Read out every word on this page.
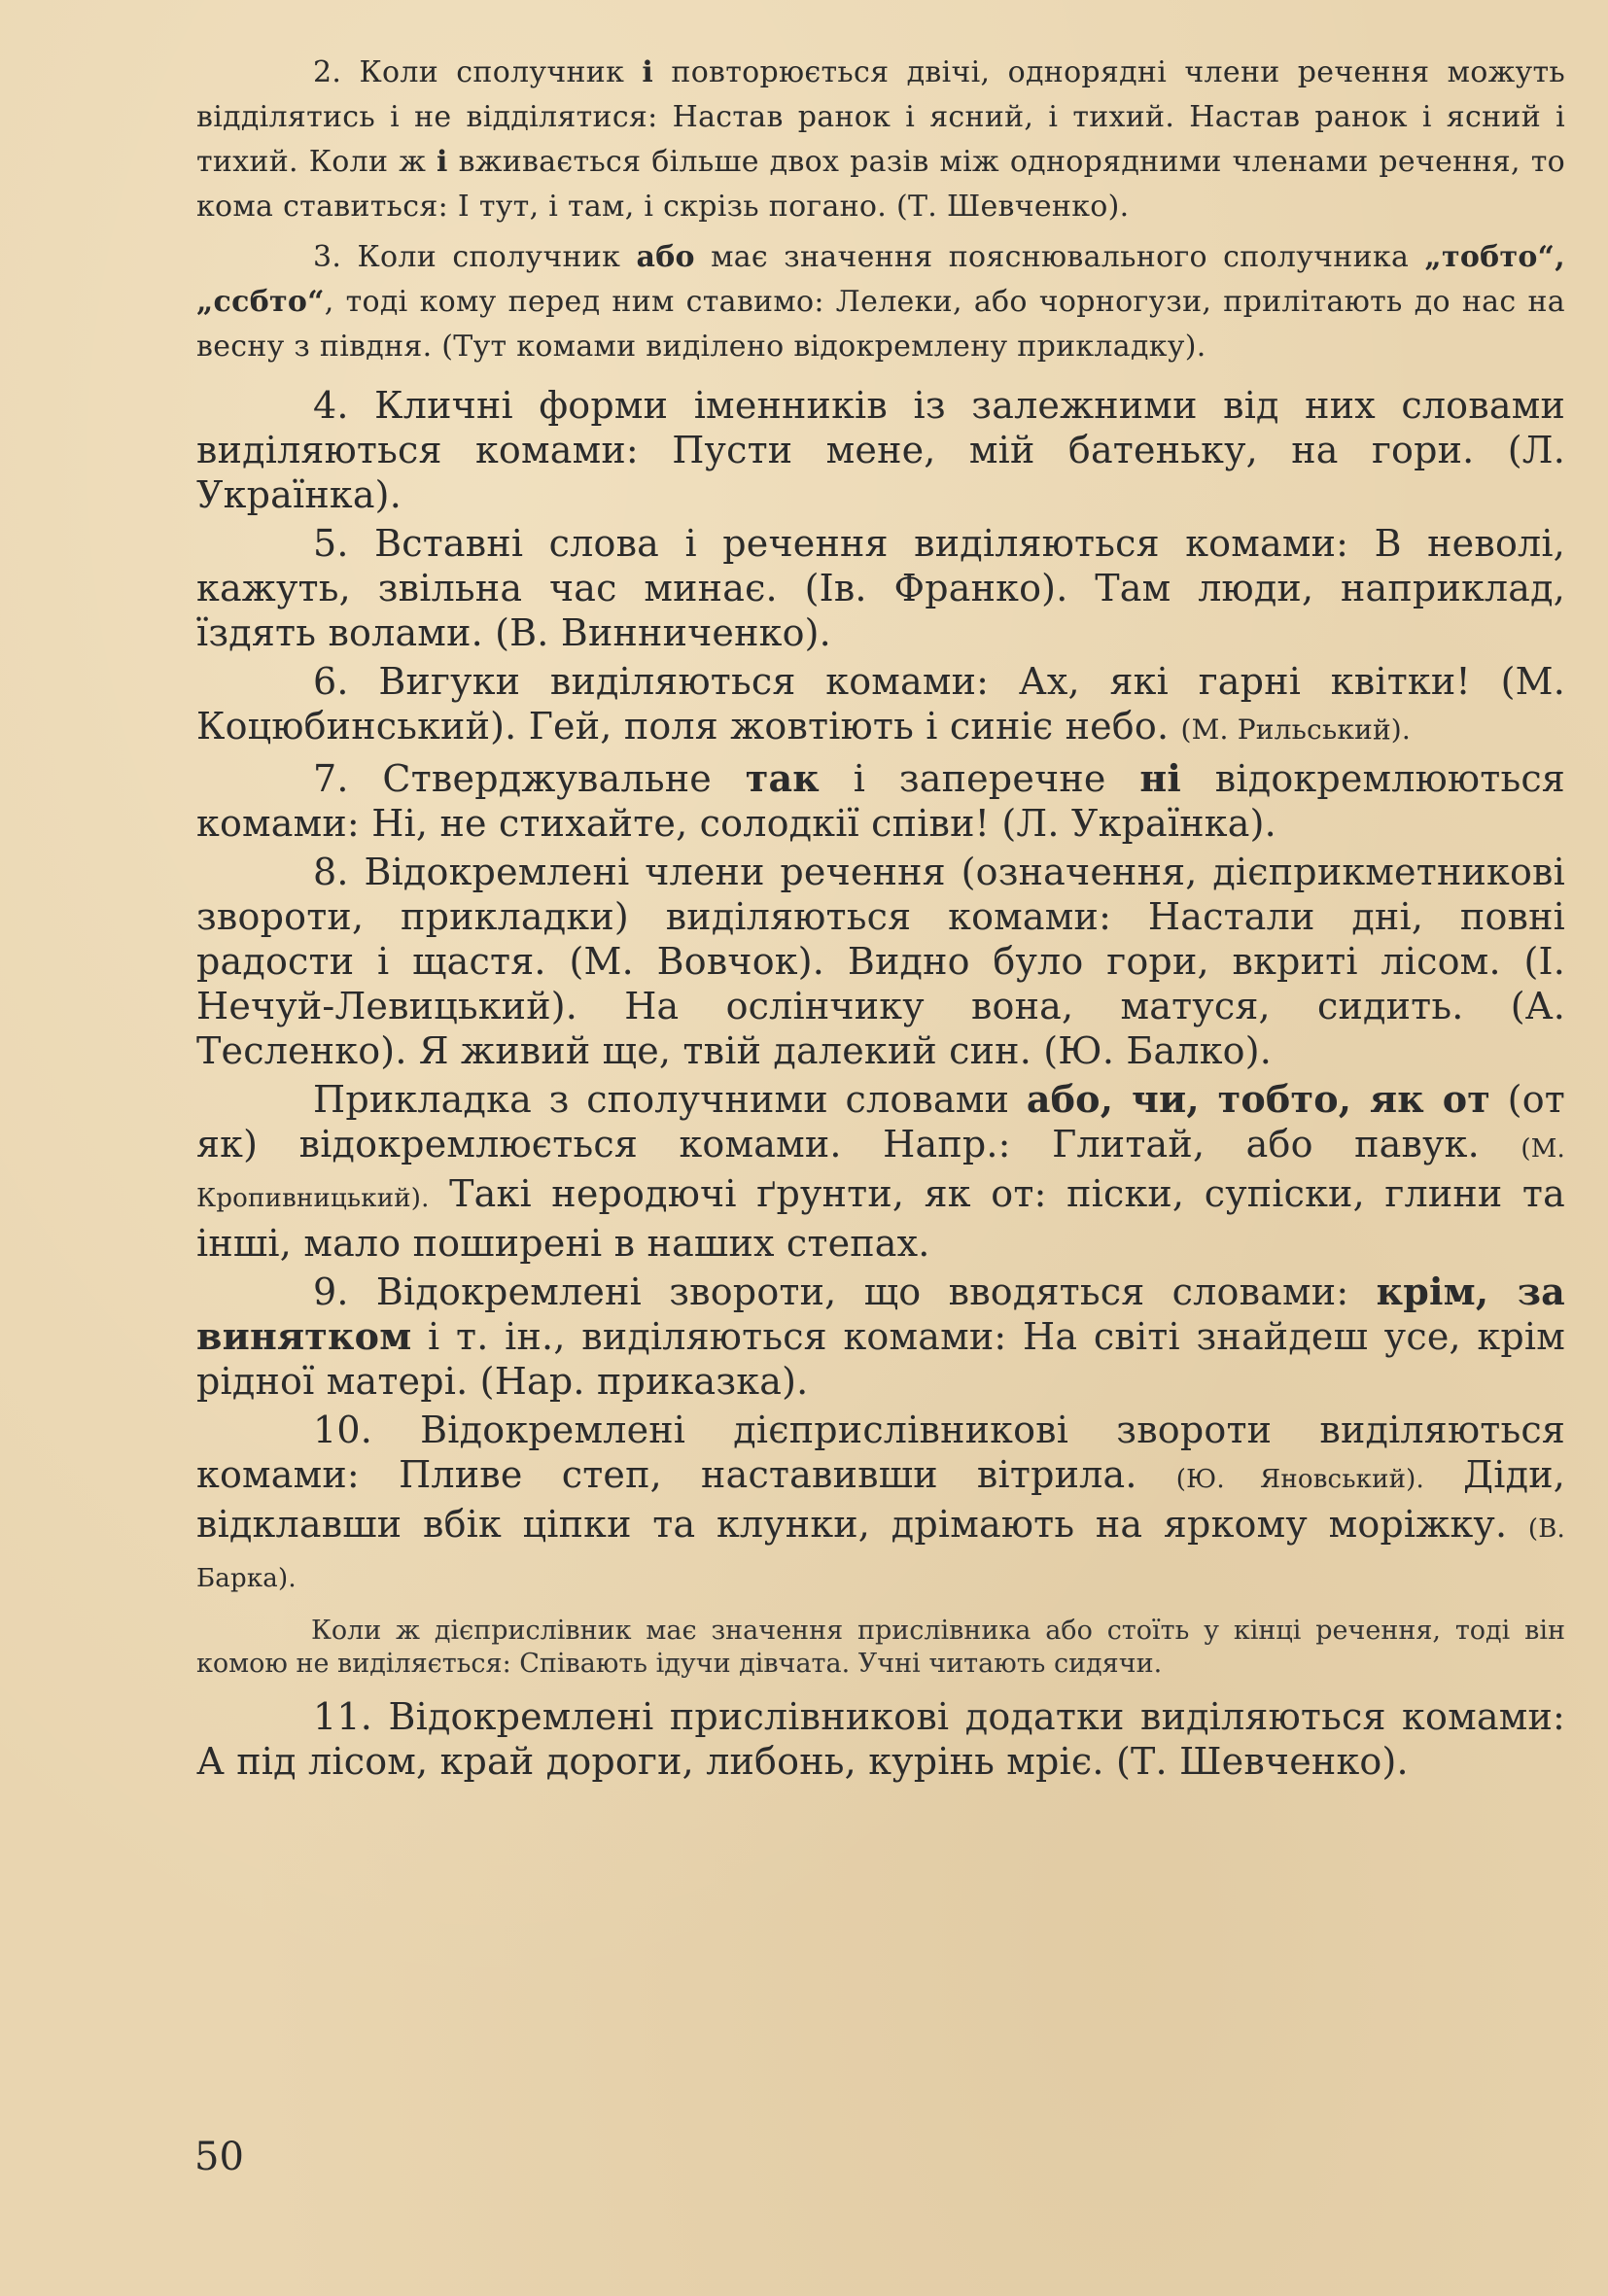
2. Коли сполучник і повторюється двічі, однорядні члени речення можуть відділятись і не відділятися: Настав ранок і ясний, і тихий. Настав ранок і ясний і тихий. Коли ж і вживається більше двох разів між однорядними членами речення, то кома ставиться: І тут, і там, і скрізь погано. (Т. Шевченко).

3. Коли сполучник або має значення пояснювального сполучника „тобто“, „ссбто“, тоді кому перед ним ставимо: Лелеки, або чорногузи, прилітають до нас на весну з півдня. (Тут комами виділено відокремлену прикладку).

4. Кличні форми іменників із залежними від них словами виділяються комами: Пусти мене, мій батеньку, на гори. (Л. Українка).

5. Вставні слова і речення виділяються комами: В неволі, кажуть, звільна час минає. (Ів. Франко). Там люди, наприклад, їздять волами. (В. Винниченко).

6. Вигуки виділяються комами: Ах, які гарні квітки! (М. Коцюбинський). Гей, поля жовтіють і синіє небо. (М. Рильський).

7. Стверджувальне так і заперечне ні відокремлюються комами: Ні, не стихайте, солодкії співи! (Л. Українка).

8. Відокремлені члени речення (означення, дієприкметникові звороти, прикладки) виділяються комами: Настали дні, повні радости і щастя. (М. Вовчок). Видно було гори, вкриті лісом. (І. Нечуй-Левицький). На ослінчику вона, матуся, сидить. (А. Тесленко). Я живий ще, твій далекий син. (Ю. Балко).

Прикладка з сполучними словами або, чи, тобто, як от (от як) відокремлюється комами. Напр.: Глитай, або павук. (М. Кропивницький). Такі неродючі ґрунти, як от: піски, супіски, глини та інші, мало поширені в наших степах.

9. Відокремлені звороти, що вводяться словами: крім, за винятком і т. ін., виділяються комами: На світі знайдеш усе, крім рідної матері. (Нар. приказка).

10. Відокремлені дієприслівникові звороти виділяються комами: Пливе степ, наставивши вітрила. (Ю. Яновський). Діди, відклавши вбік ціпки та клунки, дрімають на яркому моріжку. (В. Барка).

Коли ж дієприслівник має значення прислівника або стоїть у кінці речення, тоді він комою не виділяється: Співають ідучи дівчата. Учні читають сидячи.

11. Відокремлені прислівникові додатки виділяються комами: А під лісом, край дороги, либонь, курінь мріє. (Т. Шевченко).

50
